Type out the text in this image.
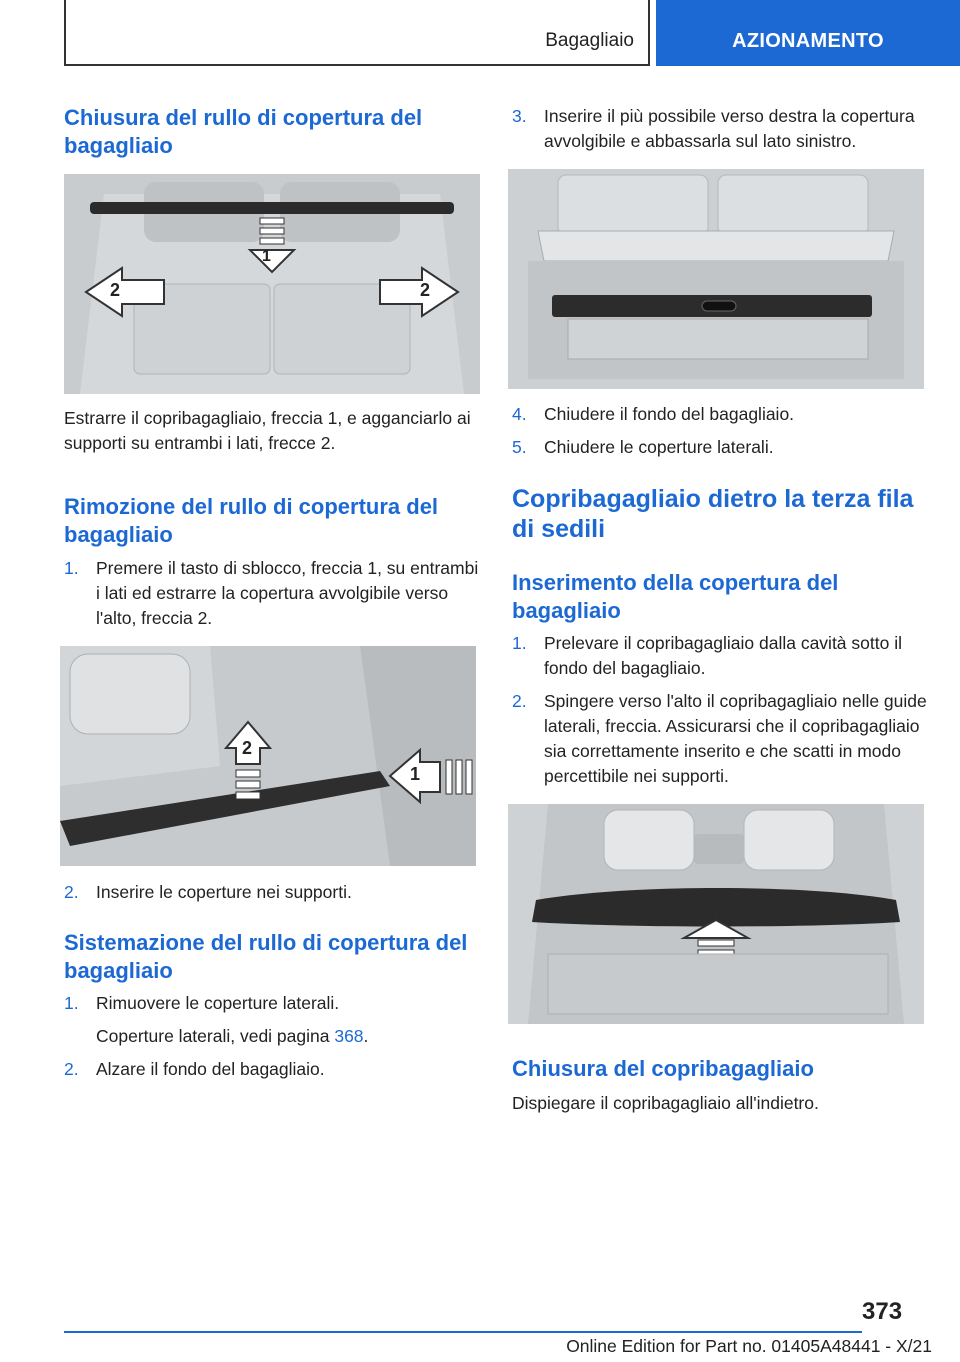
Bagagliaio	AZIONAMENTO
Chiusura del rullo di copertura del bagagliaio
1
2	2
Estrarre il copribagagliaio, freccia 1, e agganciarlo ai supporti su entrambi i lati, frecce 2.
Rimozione del rullo di copertura del bagagliaio
1. Premere il tasto di sblocco, freccia 1, su entrambi i lati ed estrarre la copertura avvolgibile verso l'alto, freccia 2.
2
1
2. Inserire le coperture nei supporti.
Sistemazione del rullo di copertura del bagagliaio
1. Rimuovere le coperture laterali.
Coperture laterali, vedi pagina 368.
2. Alzare il fondo del bagagliaio.
3. Inserire il più possibile verso destra la copertura avvolgibile e abbassarla sul lato sinistro.
4. Chiudere il fondo del bagagliaio.
5. Chiudere le coperture laterali.
Copribagagliaio dietro la terza fila di sedili
Inserimento della copertura del bagagliaio
1. Prelevare il copribagagliaio dalla cavità sotto il fondo del bagagliaio.
2. Spingere verso l'alto il copribagagliaio nelle guide laterali, freccia. Assicurarsi che il copribagagliaio sia correttamente inserito e che scatti in modo percettibile nei supporti.
Chiusura del copribagagliaio
Dispiegare il copribagagliaio all'indietro.
373
Online Edition for Part no. 01405A48441 - X/21
